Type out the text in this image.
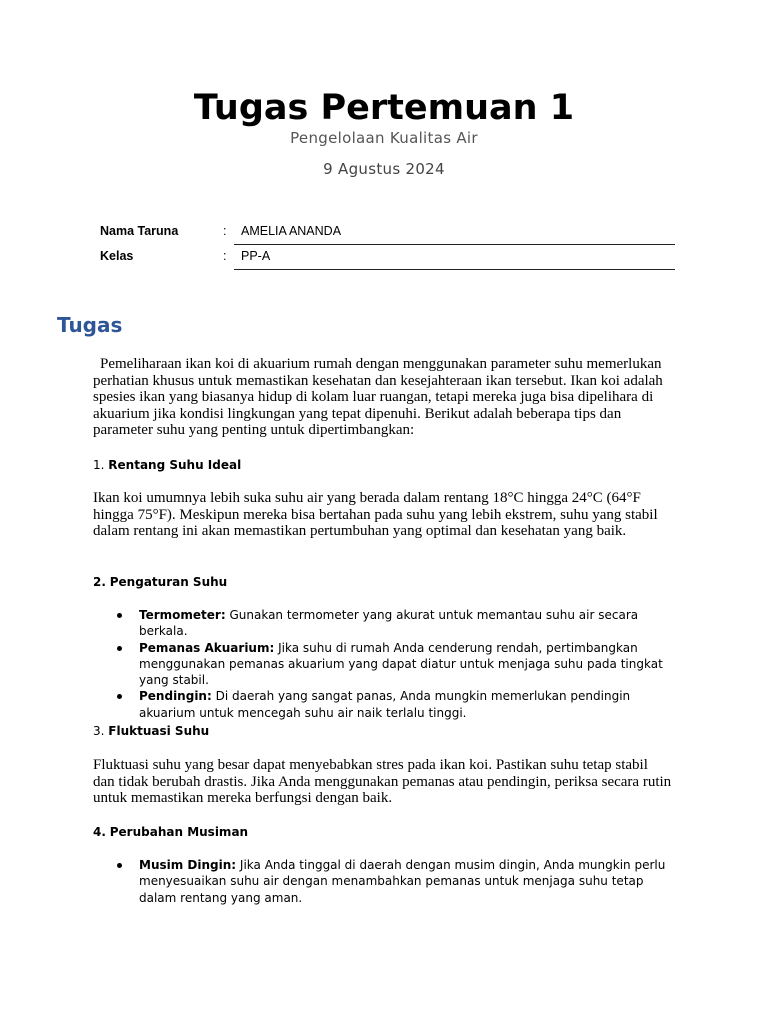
Tugas Pertemuan 1
Pengelolaan Kualitas Air
9 Agustus 2024
Nama Taruna	:	AMELIA ANANDA
Kelas	:	PP-A
Tugas

Pemeliharaan ikan koi di akuarium rumah dengan menggunakan parameter suhu memerlukan perhatian khusus untuk memastikan kesehatan dan kesejahteraan ikan tersebut. Ikan koi adalah spesies ikan yang biasanya hidup di kolam luar ruangan, tetapi mereka juga bisa dipelihara di akuarium jika kondisi lingkungan yang tepat dipenuhi. Berikut adalah beberapa tips dan parameter suhu yang penting untuk dipertimbangkan:

1. Rentang Suhu Ideal

Ikan koi umumnya lebih suka suhu air yang berada dalam rentang 18°C hingga 24°C (64°F hingga 75°F). Meskipun mereka bisa bertahan pada suhu yang lebih ekstrem, suhu yang stabil dalam rentang ini akan memastikan pertumbuhan yang optimal dan kesehatan yang baik.

2. Pengaturan Suhu
Termometer: Gunakan termometer yang akurat untuk memantau suhu air secara berkala.
Pemanas Akuarium: Jika suhu di rumah Anda cenderung rendah, pertimbangkan menggunakan pemanas akuarium yang dapat diatur untuk menjaga suhu pada tingkat yang stabil.
Pendingin: Di daerah yang sangat panas, Anda mungkin memerlukan pendingin akuarium untuk mencegah suhu air naik terlalu tinggi.
3. Fluktuasi Suhu

Fluktuasi suhu yang besar dapat menyebabkan stres pada ikan koi. Pastikan suhu tetap stabil dan tidak berubah drastis. Jika Anda menggunakan pemanas atau pendingin, periksa secara rutin untuk memastikan mereka berfungsi dengan baik.

4. Perubahan Musiman
Musim Dingin: Jika Anda tinggal di daerah dengan musim dingin, Anda mungkin perlu menyesuaikan suhu air dengan menambahkan pemanas untuk menjaga suhu tetap dalam rentang yang aman.
